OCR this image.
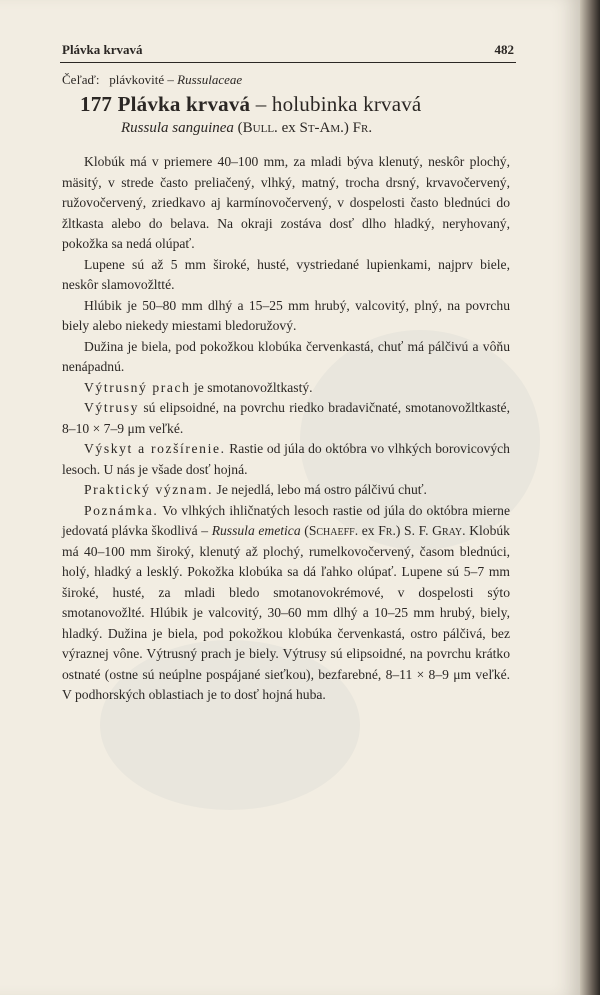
Plávka krvavá	482
Čeľaď: plávkovité – Russulaceae
177 Plávka krvavá – holubinka krvavá
Russula sanguinea (Bull. ex St-Am.) Fr.

Klobúk má v priemere 40–100 mm, za mladi býva klenutý, neskôr plochý, mäsitý, v strede často preliačený, vlhký, matný, trocha drsný, krvavočervený, ružovočervený, zriedkavo aj karmínovočervený, v dospelosti často blednúci do žltkasta alebo do belava. Na okraji zostáva dosť dlho hladký, neryhovaný, pokožka sa nedá olúpať.

Lupene sú až 5 mm široké, husté, vystriedané lupienkami, najprv biele, neskôr slamovožltté.

Hlúbik je 50–80 mm dlhý a 15–25 mm hrubý, valcovitý, plný, na povrchu biely alebo niekedy miestami bledoružový.

Dužina je biela, pod pokožkou klobúka červenkastá, chuť má pálčivú a vôňu nenápadnú.

Výtrusný prach je smotanovožltkastý.

Výtrusy sú elipsoidné, na povrchu riedko bradavičnaté, smotanovožltkasté, 8–10 × 7–9 μm veľké.

Výskyt a rozšírenie. Rastie od júla do októbra vo vlhkých borovicových lesoch. U nás je všade dosť hojná.

Praktický význam. Je nejedlá, lebo má ostro pálčivú chuť.

Poznámka. Vo vlhkých ihličnatých lesoch rastie od júla do októbra mierne jedovatá plávka škodlivá – Russula emetica (Schaeff. ex Fr.) S. F. Gray. Klobúk má 40–100 mm široký, klenutý až plochý, rumelkovočervený, časom blednúci, holý, hladký a lesklý. Pokožka klobúka sa dá ľahko olúpať. Lupene sú 5–7 mm široké, husté, za mladi bledo smotanovokrémové, v dospelosti sýto smotanovožlté. Hlúbik je valcovitý, 30–60 mm dlhý a 10–25 mm hrubý, biely, hladký. Dužina je biela, pod pokožkou klobúka červenkastá, ostro pálčivá, bez výraznej vône. Výtrusný prach je biely. Výtrusy sú elipsoidné, na povrchu krátko ostnaté (ostne sú neúplne pospájané sieťkou), bezfarebné, 8–11 × 8–9 μm veľké. V podhorských oblastiach je to dosť hojná huba.
